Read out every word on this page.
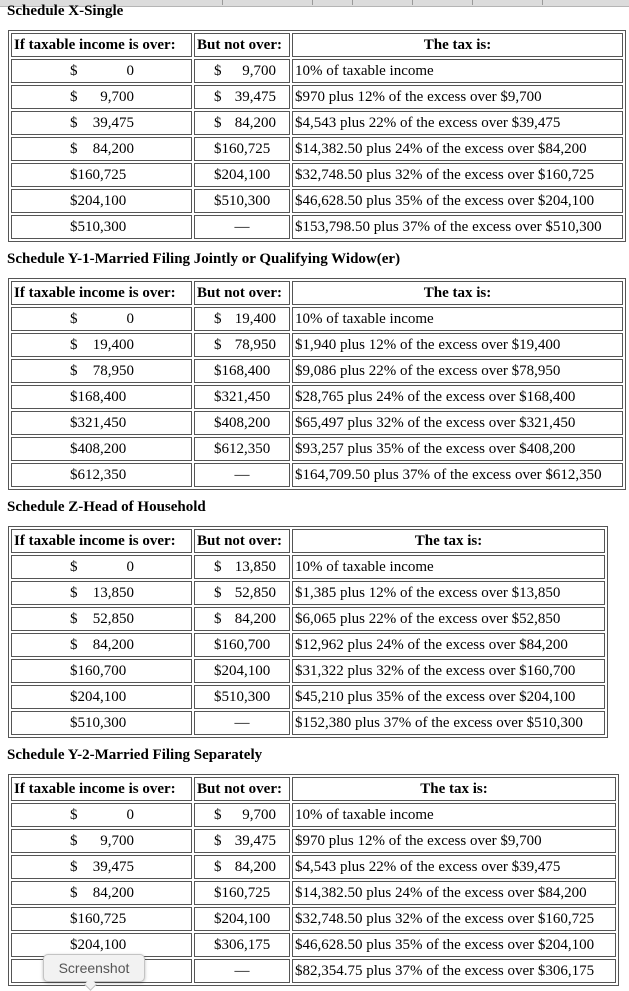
Schedule X-Single
If taxable income is over:	But not over:	The tax is:

$ 0	$ 9,700	10% of taxable income

$ 9,700	$ 39,475	$970 plus 12% of the excess over $9,700

$ 39,475	$ 84,200	$4,543 plus 22% of the excess over $39,475

$ 84,200	$160,725	$14,382.50 plus 24% of the excess over $84,200
$160,725	$204,100	$32,748.50 plus 32% of the excess over $160,725
$204,100	$510,300	$46,628.50 plus 35% of the excess over $204,100
$510,300	—	$153,798.50 plus 37% of the excess over $510,300
Schedule Y-1-Married Filing Jointly or Qualifying Widow(er)
If taxable income is over:	But not over:	The tax is:

$ 0	$ 19,400	10% of taxable income

$ 19,400	$ 78,950	$1,940 plus 12% of the excess over $19,400

$ 78,950	$168,400	$9,086 plus 22% of the excess over $78,950
$168,400	$321,450	$28,765 plus 24% of the excess over $168,400
$321,450	$408,200	$65,497 plus 32% of the excess over $321,450
$408,200	$612,350	$93,257 plus 35% of the excess over $408,200
$612,350	—	$164,709.50 plus 37% of the excess over $612,350
Schedule Z-Head of Household
If taxable income is over:	But not over:	The tax is:

$ 0	$ 13,850	10% of taxable income

$ 13,850	$ 52,850	$1,385 plus 12% of the excess over $13,850

$ 52,850	$ 84,200	$6,065 plus 22% of the excess over $52,850

$ 84,200	$160,700	$12,962 plus 24% of the excess over $84,200
$160,700	$204,100	$31,322 plus 32% of the excess over $160,700
$204,100	$510,300	$45,210 plus 35% of the excess over $204,100
$510,300	—	$152,380 plus 37% of the excess over $510,300
Schedule Y-2-Married Filing Separately
If taxable income is over:	But not over:	The tax is:

$ 0	$ 9,700	10% of taxable income

$ 9,700	$ 39,475	$970 plus 12% of the excess over $9,700

$ 39,475	$ 84,200	$4,543 plus 22% of the excess over $39,475

$ 84,200	$160,725	$14,382.50 plus 24% of the excess over $84,200
$160,725	$204,100	$32,748.50 plus 32% of the excess over $160,725
$204,100	$306,175	$46,628.50 plus 35% of the excess over $204,100
	—	$82,354.75 plus 37% of the excess over $306,175
Screenshot
